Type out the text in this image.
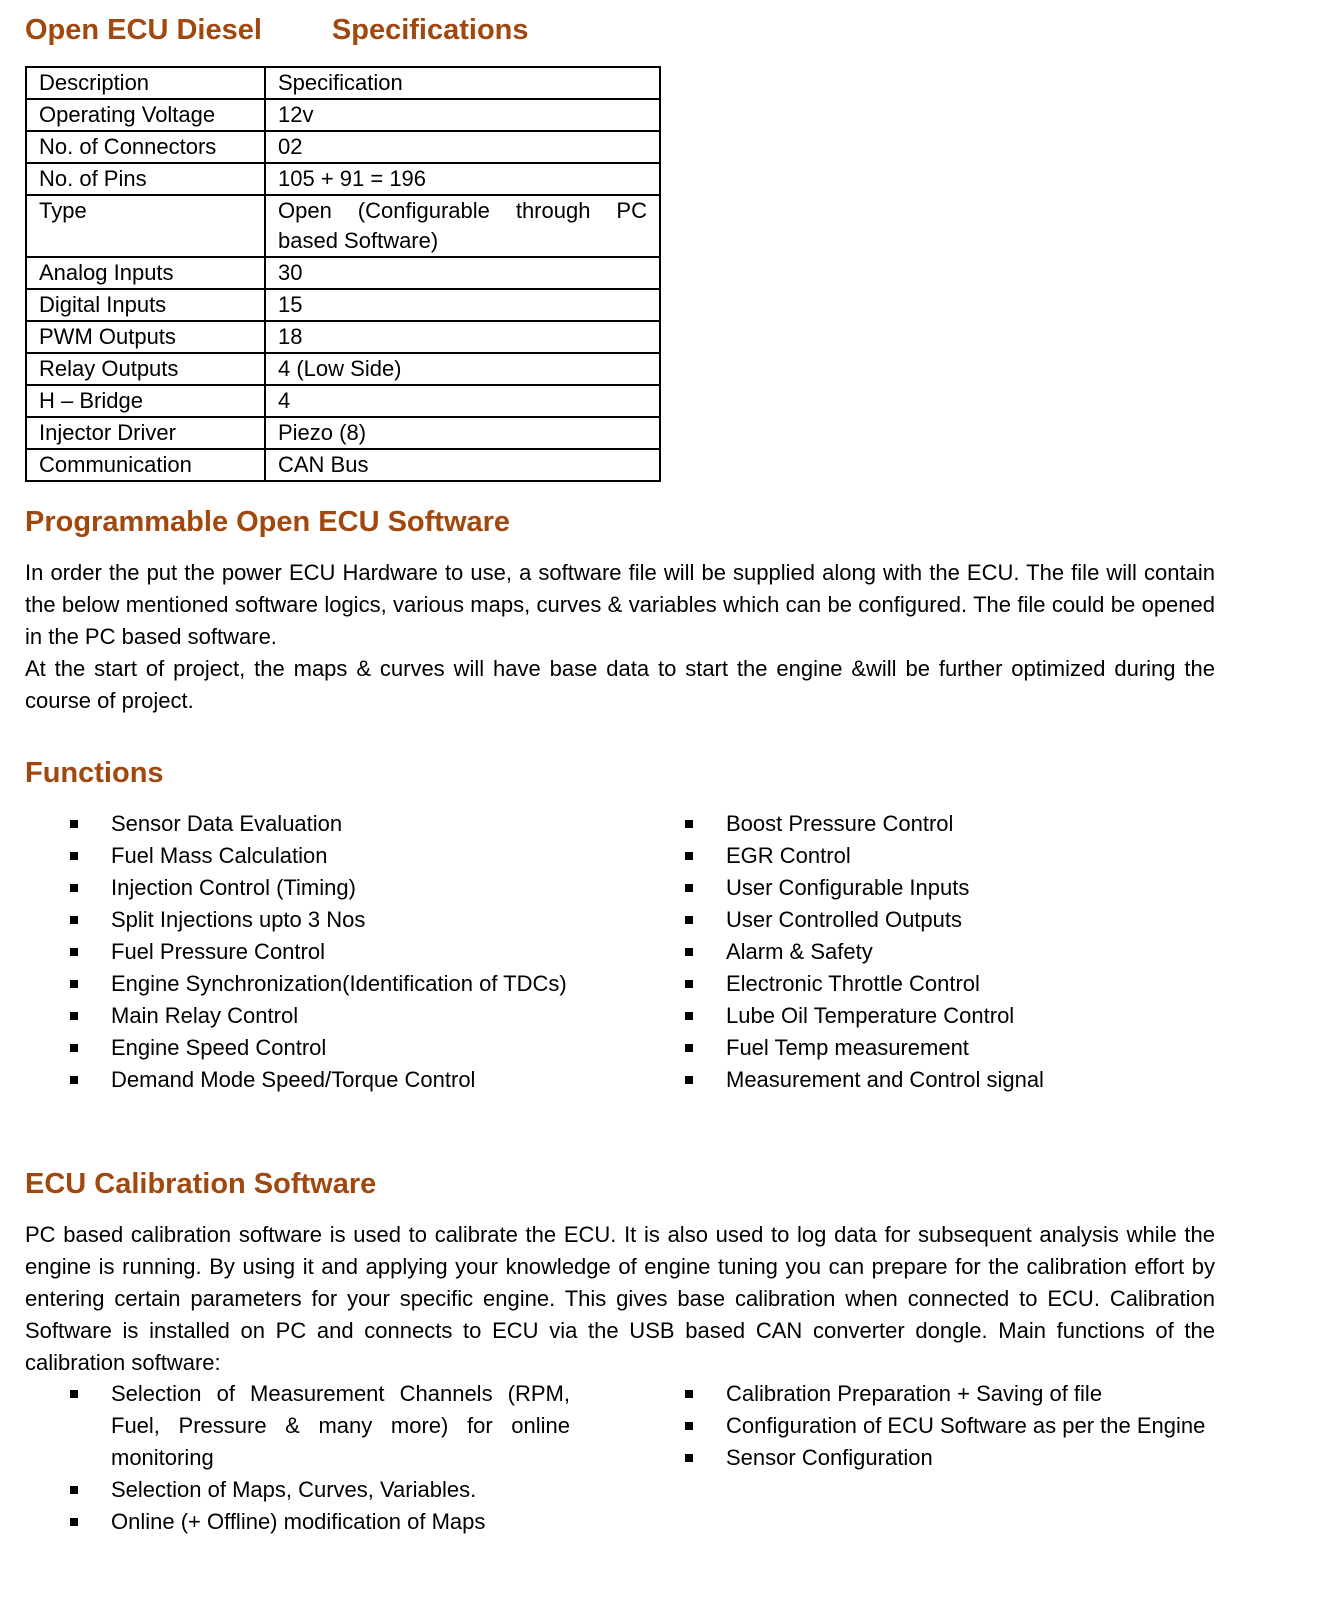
Open ECU Diesel Specifications
Description	Specification
Operating Voltage	12v
No. of Connectors	02
No. of Pins	105 + 91 = 196
Type	Open (Configurable through PC based Software)
Analog Inputs	30
Digital Inputs	15
PWM Outputs	18
Relay Outputs	4 (Low Side)
H – Bridge	4
Injector Driver	Piezo (8)
Communication	CAN Bus
Programmable Open ECU Software

In order the put the power ECU Hardware to use, a software file will be supplied along with the ECU. The file will contain the below mentioned software logics, various maps, curves & variables which can be configured. The file could be opened in the PC based software.

At the start of project, the maps & curves will have base data to start the engine &will be further optimized during the course of project.

Functions
Sensor Data Evaluation
Fuel Mass Calculation
Injection Control (Timing)
Split Injections upto 3 Nos
Fuel Pressure Control
Engine Synchronization(Identification of TDCs)
Main Relay Control
Engine Speed Control
Demand Mode Speed/Torque Control
Boost Pressure Control
EGR Control
User Configurable Inputs
User Controlled Outputs
Alarm & Safety
Electronic Throttle Control
Lube Oil Temperature Control
Fuel Temp measurement
Measurement and Control signal
ECU Calibration Software

PC based calibration software is used to calibrate the ECU. It is also used to log data for subsequent analysis while the engine is running. By using it and applying your knowledge of engine tuning you can prepare for the calibration effort by entering certain parameters for your specific engine. This gives base calibration when connected to ECU. Calibration Software is installed on PC and connects to ECU via the USB based CAN converter dongle. Main functions of the calibration software:

Selection of Measurement Channels (RPM, Fuel, Pressure & many more) for online monitoring
Selection of Maps, Curves, Variables.
Online (+ Offline) modification of Maps
Calibration Preparation + Saving of file
Configuration of ECU Software as per the Engine
Sensor Configuration
